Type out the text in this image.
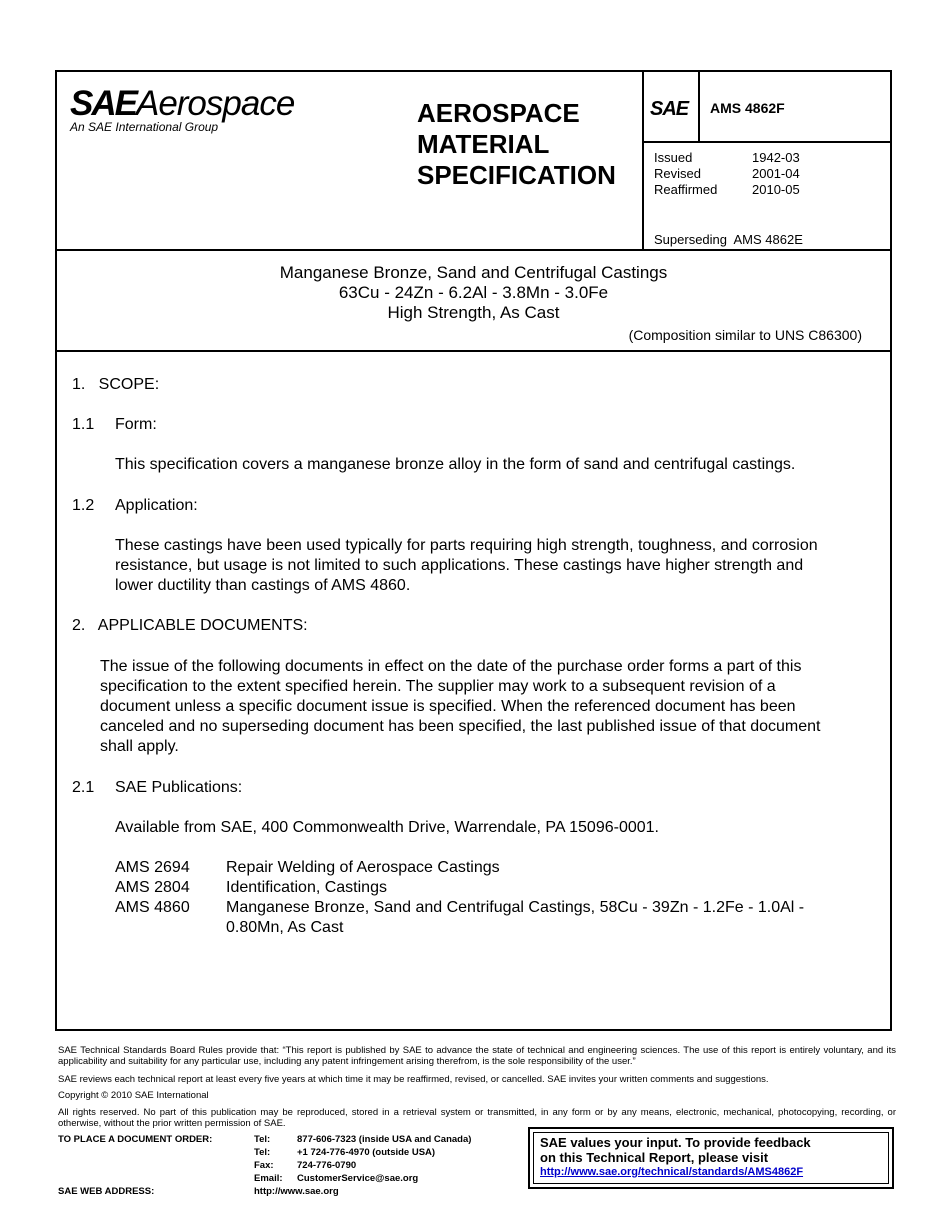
SAEAerospace
An SAE International Group	AEROSPACE
MATERIAL
SPECIFICATION
SAE AMS 4862F
Issued	1942-03
Revised	2001-04
Reaffirmed	2010-05
Superseding  AMS 4862E
Manganese Bronze, Sand and Centrifugal Castings
63Cu - 24Zn - 6.2Al - 3.8Mn - 3.0Fe
High Strength, As Cast
(Composition similar to UNS C86300)
1.   SCOPE:
1.1 Form:
This specification covers a manganese bronze alloy in the form of sand and centrifugal castings.
1.2 Application:
These castings have been used typically for parts requiring high strength, toughness, and corrosion
resistance, but usage is not limited to such applications. These castings have higher strength and
lower ductility than castings of AMS 4860.
2.   APPLICABLE DOCUMENTS:
The issue of the following documents in effect on the date of the purchase order forms a part of this
specification to the extent specified herein. The supplier may work to a subsequent revision of a
document unless a specific document issue is specified. When the referenced document has been
canceled and no superseding document has been specified, the last published issue of that document
shall apply.
2.1 SAE Publications:
Available from SAE, 400 Commonwealth Drive, Warrendale, PA 15096-0001.
AMS 2694	Repair Welding of Aerospace Castings
AMS 2804	Identification, Castings
AMS 4860	Manganese Bronze, Sand and Centrifugal Castings, 58Cu - 39Zn - 1.2Fe - 1.0Al - 0.80Mn, As Cast
SAE Technical Standards Board Rules provide that: “This report is published by SAE to advance the state of technical and engineering sciences. The use of this report is entirely voluntary, and its applicability and suitability for any particular use, including any patent infringement arising therefrom, is the sole responsibility of the user.”
SAE reviews each technical report at least every five years at which time it may be reaffirmed, revised, or cancelled. SAE invites your written comments and suggestions.
Copyright © 2010 SAE International
All rights reserved. No part of this publication may be reproduced, stored in a retrieval system or transmitted, in any form or by any means, electronic, mechanical, photocopying, recording, or otherwise, without the prior written permission of SAE.
TO PLACE A DOCUMENT ORDER:	Tel:	877-606-7323 (inside USA and Canada)
Tel:	+1 724-776-4970 (outside USA)
Fax: 724-776-0790
Email: CustomerService@sae.org
SAE WEB ADDRESS:	http://www.sae.org
SAE values your input. To provide feedback
on this Technical Report, please visit
http://www.sae.org/technical/standards/AMS4862F
